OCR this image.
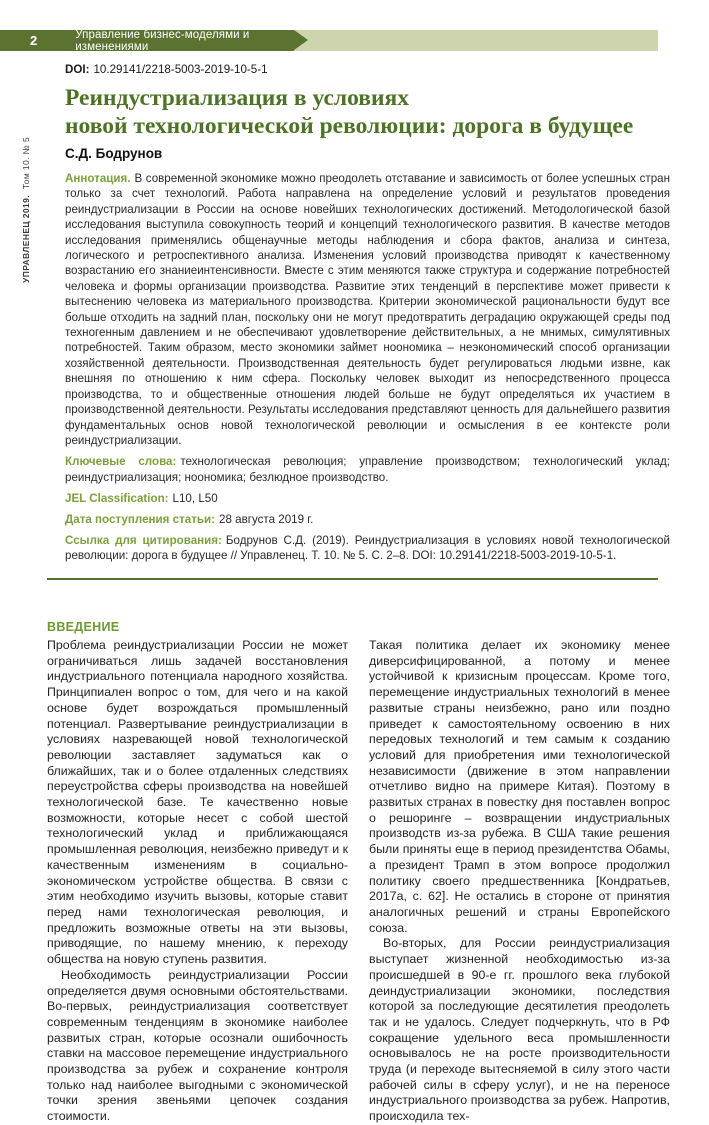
2	Управление бизнес-моделями и изменениями
УПРАВЛЕНЕЦ 2019. Том 10. № 5
DOI: 10.29141/2218-5003-2019-10-5-1
Реиндустриализация в условиях
новой технологической революции: дорога в будущее
С.Д. Бодрунов

Аннотация. В современной экономике можно преодолеть отставание и зависимость от более успешных стран только за счет технологий. Работа направлена на определение условий и результатов проведения реиндустриализации в России на основе новейших технологических достижений. Методологической базой исследования выступила совокупность теорий и концепций технологического развития. В качестве методов исследования применялись общенаучные методы наблюдения и сбора фактов, анализа и синтеза, логического и ретроспективного анализа. Изменения условий производства приводят к качественному возрастанию его знаниеинтенсивности. Вместе с этим меняются также структура и содержание потребностей человека и формы организации производства. Развитие этих тенденций в перспективе может привести к вытеснению человека из материального производства. Критерии экономической рациональности будут все больше отходить на задний план, поскольку они не могут предотвратить деградацию окружающей среды под техногенным давлением и не обеспечивают удовлетворение действительных, а не мнимых, симулятивных потребностей. Таким образом, место экономики займет ноономика – неэкономический способ организации хозяйственной деятельности. Производственная деятельность будет регулироваться людьми извне, как внешняя по отношению к ним сфера. Поскольку человек выходит из непосредственного процесса производства, то и общественные отношения людей больше не будут определяться их участием в производственной деятельности. Результаты исследования представляют ценность для дальнейшего развития фундаментальных основ новой технологической революции и осмысления в ее контексте роли реиндустриализации.

Ключевые слова: технологическая революция; управление производством; технологический уклад; реиндустриализация; ноономика; безлюдное производство.

JEL Classification: L10, L50

Дата поступления статьи: 28 августа 2019 г.

Ссылка для цитирования: Бодрунов С.Д. (2019). Реиндустриализация в условиях новой технологической революции: дорога в будущее // Управленец. Т. 10. № 5. С. 2–8. DOI: 10.29141/2218-5003-2019-10-5-1.

ВВЕДЕНИЕ

Проблема реиндустриализации России не может ограничиваться лишь задачей восстановления индустриального потенциала народного хозяйства. Принципиален вопрос о том, для чего и на какой основе будет возрождаться промышленный потенциал. Развертывание реиндустриализации в условиях назревающей новой технологической революции заставляет задуматься как о ближайших, так и о более отдаленных следствиях переустройства сферы производства на новейшей технологической базе. Те качественно новые возможности, которые несет с собой шестой технологический уклад и приближающаяся промышленная революция, неизбежно приведут и к качественным изменениям в социально-экономическом устройстве общества. В связи с этим необходимо изучить вызовы, которые ставит перед нами технологическая революция, и предложить возможные ответы на эти вызовы, приводящие, по нашему мнению, к переходу общества на новую ступень развития.

Необходимость реиндустриализации России определяется двумя основными обстоятельствами. Во-первых, реиндустриализация соответствует современным тенденциям в экономике наиболее развитых стран, которые осознали ошибочность ставки на массовое перемещение индустриального производства за рубеж и сохранение контроля только над наиболее выгодными с экономической точки зрения звеньями цепочек создания стоимости.

Такая политика делает их экономику менее диверсифицированной, а потому и менее устойчивой к кризисным процессам. Кроме того, перемещение индустриальных технологий в менее развитые страны неизбежно, рано или поздно приведет к самостоятельному освоению в них передовых технологий и тем самым к созданию условий для приобретения ими технологической независимости (движение в этом направлении отчетливо видно на примере Китая). Поэтому в развитых странах в повестку дня поставлен вопрос о решоринге – возвращении индустриальных производств из-за рубежа. В США такие решения были приняты еще в период президентства Обамы, а президент Трамп в этом вопросе продолжил политику своего предшественника [Кондратьев, 2017а, с. 62]. Не остались в стороне от принятия аналогичных решений и страны Европейского союза.

Во-вторых, для России реиндустриализация выступает жизненной необходимостью из-за происшедшей в 90-е гг. прошлого века глубокой деиндустриализации экономики, последствия которой за последующие десятилетия преодолеть так и не удалось. Следует подчеркнуть, что в РФ сокращение удельного веса промышленности основывалось не на росте производительности труда (и переходе вытесняемой в силу этого части рабочей силы в сферу услуг), и не на переносе индустриального производства за рубеж. Напротив, происходила тех-
